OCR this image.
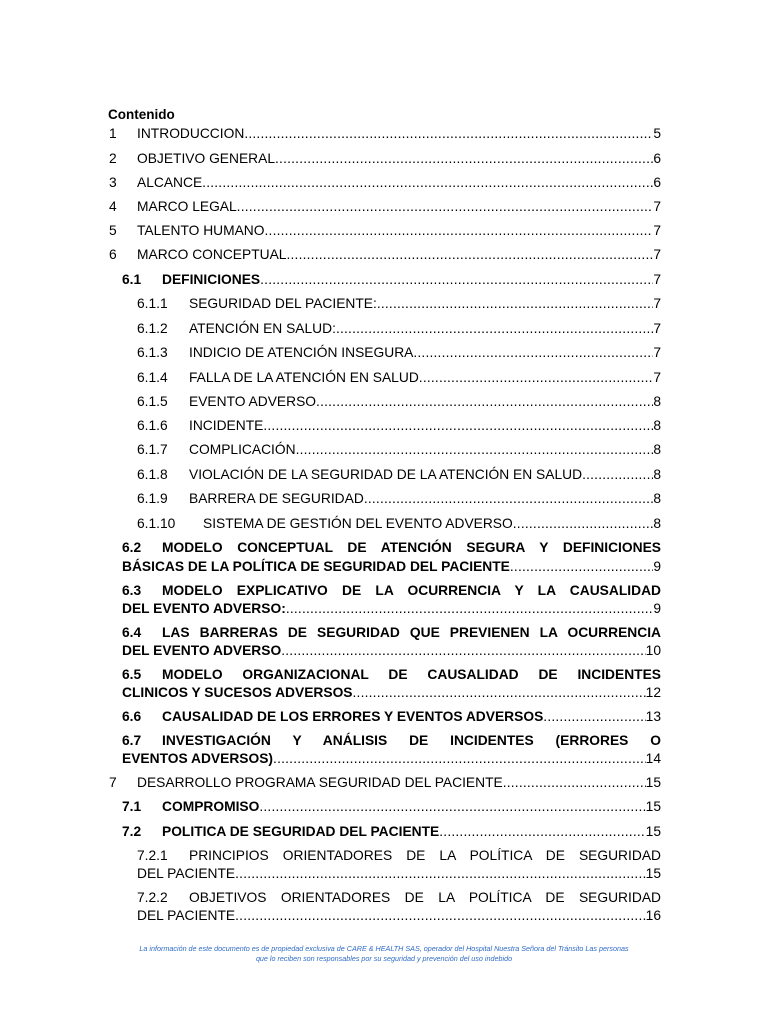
Contenido
1 INTRODUCCION .....	5
2 OBJETIVO GENERAL .....	6
3 ALCANCE .....	6
4 MARCO LEGAL .....	7
5 TALENTO HUMANO .....	7
6 MARCO CONCEPTUAL .....	7
6.1 DEFINICIONES .....	7
6.1.1 SEGURIDAD DEL PACIENTE: .....	7
6.1.2 ATENCIÓN EN SALUD: .....	7
6.1.3 INDICIO DE ATENCIÓN INSEGURA .....	7
6.1.4 FALLA DE LA ATENCIÓN EN SALUD .....	7
6.1.5 EVENTO ADVERSO .....	8
6.1.6 INCIDENTE .....	8
6.1.7 COMPLICACIÓN .....	8
6.1.8 VIOLACIÓN DE LA SEGURIDAD DE LA ATENCIÓN EN SALUD .....	8
6.1.9 BARRERA DE SEGURIDAD .....	8
6.1.10 SISTEMA DE GESTIÓN DEL EVENTO ADVERSO .....	8
6.2 MODELO CONCEPTUAL DE ATENCIÓN SEGURA Y DEFINICIONES
BÁSICAS DE LA POLÍTICA DE SEGURIDAD DEL PACIENTE .....	9
6.3 MODELO EXPLICATIVO DE LA OCURRENCIA Y LA CAUSALIDAD
DEL EVENTO ADVERSO: .....	9
6.4 LAS BARRERAS DE SEGURIDAD QUE PREVIENEN LA OCURRENCIA
DEL EVENTO ADVERSO .....	10
6.5 MODELO ORGANIZACIONAL DE CAUSALIDAD DE INCIDENTES
CLINICOS Y SUCESOS ADVERSOS .....	12
6.6 CAUSALIDAD DE LOS ERRORES Y EVENTOS ADVERSOS .....	13
6.7 INVESTIGACIÓN Y ANÁLISIS DE INCIDENTES (ERRORES O
EVENTOS ADVERSOS) .....	14
7 DESARROLLO PROGRAMA SEGURIDAD DEL PACIENTE .....	15
7.1 COMPROMISO .....	15
7.2 POLITICA DE SEGURIDAD DEL PACIENTE .....	15
7.2.1 PRINCIPIOS ORIENTADORES DE LA POLÍTICA DE SEGURIDAD
DEL PACIENTE .....	15
7.2.2 OBJETIVOS ORIENTADORES DE LA POLÍTICA DE SEGURIDAD
DEL PACIENTE .....	16
La información de este documento es de propiedad exclusiva de CARE & HEALTH SAS, operador del Hospital Nuestra Señora del Tránsito Las personas
que lo reciben son responsables por su seguridad y prevención del uso indebido
